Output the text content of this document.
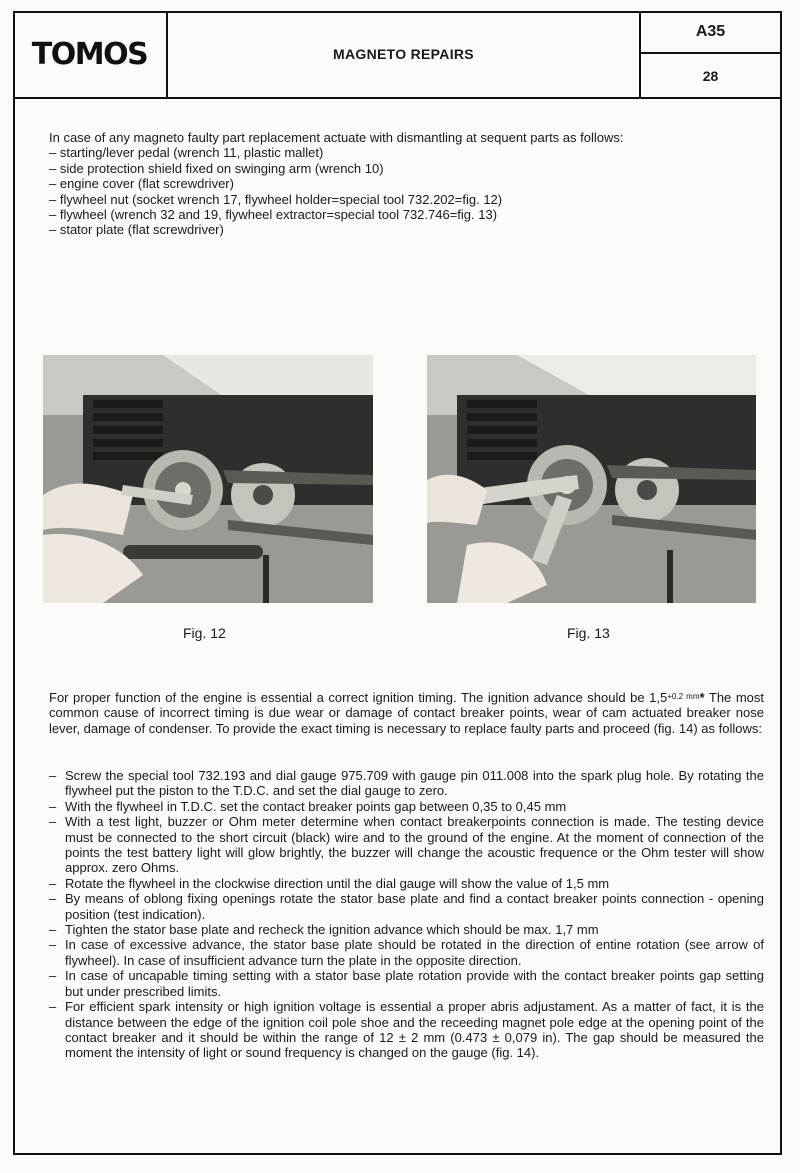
TOMOS	MAGNETO REPAIRS
A35
28
In case of any magneto faulty part replacement actuate with dismantling at sequent parts as follows:
– starting/lever pedal (wrench 11, plastic mallet)
– side protection shield fixed on swinging arm (wrench 10)
– engine cover (flat screwdriver)
– flywheel nut (socket wrench 17, flywheel holder=special tool 732.202=fig. 12)
– flywheel (wrench 32 and 19, flywheel extractor=special tool 732.746=fig. 13)
– stator plate (flat screwdriver)
Fig. 12	Fig. 13
For proper function of the engine is essential a correct ignition timing. The ignition advance should be $1,5^{+0.2 mm}*$ The most common cause of incorrect timing is due wear or damage of contact breaker points, wear of cam actuated breaker nose lever, damage of condenser. To provide the exact timing is necessary to replace faulty parts and proceed (fig. 14) as follows:
– Screw the special tool 732.193 and dial gauge 975.709 with gauge pin 011.008 into the spark plug hole. By rotating the flywheel put the piston to the T.D.C. and set the dial gauge to zero.
– With the flywheel in T.D.C. set the contact breaker points gap between 0,35 to 0,45 mm
– With a test light, buzzer or Ohm meter determine when contact breakerpoints connection is made. The testing device must be connected to the short circuit (black) wire and to the ground of the engine. At the moment of connection of the points the test battery light will glow brightly, the buzzer will change the acoustic frequence or the Ohm tester will show approx. zero Ohms.
– Rotate the flywheel in the clockwise direction until the dial gauge will show the value of 1,5 mm
– By means of oblong fixing openings rotate the stator base plate and find a contact breaker points connection - opening position (test indication).
– Tighten the stator base plate and recheck the ignition advance which should be max. 1,7 mm
– In case of excessive advance, the stator base plate should be rotated in the direction of entine rotation (see arrow of flywheel). In case of insufficient advance turn the plate in the opposite direction.
– In case of uncapable timing setting with a stator base plate rotation provide with the contact breaker points gap setting but under prescribed limits.
– For efficient spark intensity or high ignition voltage is essential a proper abris adjustament. As a matter of fact, it is the distance between the edge of the ignition coil pole shoe and the receeding magnet pole edge at the opening point of the contact breaker and it should be within the range of 12 ± 2 mm (0.473 ± 0,079 in). The gap should be measured the moment the intensity of light or sound frequency is changed on the gauge (fig. 14).
